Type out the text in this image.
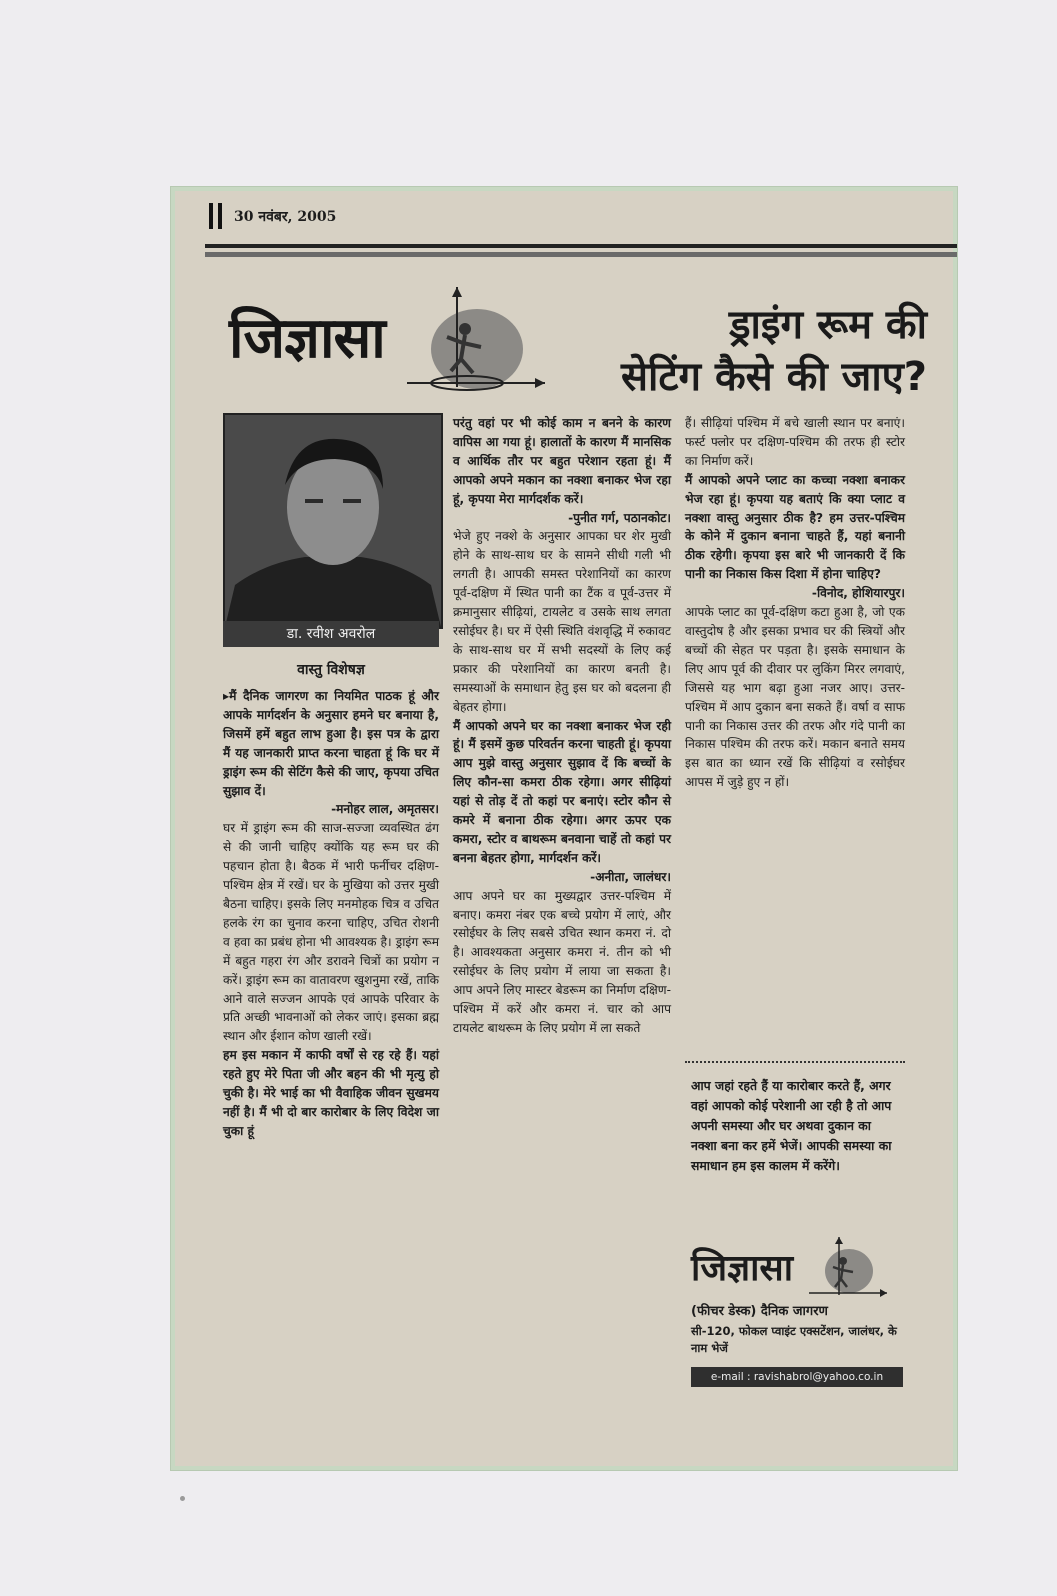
30 नवंबर, 2005
जिज्ञासा	ड्राइंग रूम की
सेटिंग कैसे की जाए?
डा. रवीश अवरोल
वास्तु विशेषज्ञ

▸मैं दैनिक जागरण का नियमित पाठक हूं और आपके मार्गदर्शन के अनुसार हमने घर बनाया है, जिसमें हमें बहुत लाभ हुआ है। इस पत्र के द्वारा मैं यह जानकारी प्राप्त करना चाहता हूं कि घर में ड्राइंग रूम की सेटिंग कैसे की जाए, कृपया उचित सुझाव दें।

-मनोहर लाल, अमृतसर।

घर में ड्राइंग रूम की साज-सज्जा व्यवस्थित ढंग से की जानी चाहिए क्योंकि यह रूम घर की पहचान होता है। बैठक में भारी फर्नीचर दक्षिण-पश्चिम क्षेत्र में रखें। घर के मुखिया को उत्तर मुखी बैठना चाहिए। इसके लिए मनमोहक चित्र व उचित हलके रंग का चुनाव करना चाहिए, उचित रोशनी व हवा का प्रबंध होना भी आवश्यक है। ड्राइंग रूम में बहुत गहरा रंग और डरावने चित्रों का प्रयोग न करें। ड्राइंग रूम का वातावरण खुशनुमा रखें, ताकि आने वाले सज्जन आपके एवं आपके परिवार के प्रति अच्छी भावनाओं को लेकर जाएं। इसका ब्रह्म स्थान और ईशान कोण खाली रखें।

हम इस मकान में काफी वर्षों से रह रहे हैं। यहां रहते हुए मेरे पिता जी और बहन की भी मृत्यु हो चुकी है। मेरे भाई का भी वैवाहिक जीवन सुखमय नहीं है। मैं भी दो बार कारोबार के लिए विदेश जा चुका हूं

परंतु वहां पर भी कोई काम न बनने के कारण वापिस आ गया हूं। हालातों के कारण मैं मानसिक व आर्थिक तौर पर बहुत परेशान रहता हूं। मैं आपको अपने मकान का नक्शा बनाकर भेज रहा हूं, कृपया मेरा मार्गदर्शक करें।

-पुनीत गर्ग, पठानकोट।

भेजे हुए नक्शे के अनुसार आपका घर शेर मुखी होने के साथ-साथ घर के सामने सीधी गली भी लगती है। आपकी समस्त परेशानियों का कारण पूर्व-दक्षिण में स्थित पानी का टैंक व पूर्व-उत्तर में क्रमानुसार सीढ़ियां, टायलेट व उसके साथ लगता रसोईघर है। घर में ऐसी स्थिति वंशवृद्धि में रुकावट के साथ-साथ घर में सभी सदस्यों के लिए कई प्रकार की परेशानियों का कारण बनती है। समस्याओं के समाधान हेतु इस घर को बदलना ही बेहतर होगा।

मैं आपको अपने घर का नक्शा बनाकर भेज रही हूं। मैं इसमें कुछ परिवर्तन करना चाहती हूं। कृपया आप मुझे वास्तु अनुसार सुझाव दें कि बच्चों के लिए कौन-सा कमरा ठीक रहेगा। अगर सीढ़ियां यहां से तोड़ दें तो कहां पर बनाएं। स्टोर कौन से कमरे में बनाना ठीक रहेगा। अगर ऊपर एक कमरा, स्टोर व बाथरूम बनवाना चाहें तो कहां पर बनना बेहतर होगा, मार्गदर्शन करें।

-अनीता, जालंधर।

आप अपने घर का मुख्यद्वार उत्तर-पश्चिम में बनाए। कमरा नंबर एक बच्चे प्रयोग में लाएं, और रसोईघर के लिए सबसे उचित स्थान कमरा नं. दो है। आवश्यकता अनुसार कमरा नं. तीन को भी रसोईघर के लिए प्रयोग में लाया जा सकता है। आप अपने लिए मास्टर बेडरूम का निर्माण दक्षिण-पश्चिम में करें और कमरा नं. चार को आप टायलेट बाथरूम के लिए प्रयोग में ला सकते

हैं। सीढ़ियां पश्चिम में बचे खाली स्थान पर बनाएं। फर्स्ट फ्लोर पर दक्षिण-पश्चिम की तरफ ही स्टोर का निर्माण करें।

मैं आपको अपने प्लाट का कच्चा नक्शा बनाकर भेज रहा हूं। कृपया यह बताएं कि क्या प्लाट व नक्शा वास्तु अनुसार ठीक है? हम उत्तर-पश्चिम के कोने में दुकान बनाना चाहते हैं, यहां बनानी ठीक रहेगी। कृपया इस बारे भी जानकारी दें कि पानी का निकास किस दिशा में होना चाहिए?

-विनोद, होशियारपुर।

आपके प्लाट का पूर्व-दक्षिण कटा हुआ है, जो एक वास्तुदोष है और इसका प्रभाव घर की स्त्रियों और बच्चों की सेहत पर पड़ता है। इसके समाधान के लिए आप पूर्व की दीवार पर लुकिंग मिरर लगवाएं, जिससे यह भाग बढ़ा हुआ नजर आए। उत्तर-पश्चिम में आप दुकान बना सकते हैं। वर्षा व साफ पानी का निकास उत्तर की तरफ और गंदे पानी का निकास पश्चिम की तरफ करें। मकान बनाते समय इस बात का ध्यान रखें कि सीढ़ियां व रसोईघर आपस में जुड़े हुए न हों।

आप जहां रहते हैं या कारोबार करते हैं, अगर वहां आपको कोई परेशानी आ रही है तो आप अपनी समस्या और घर अथवा दुकान का नक्शा बना कर हमें भेजें। आपकी समस्या का समाधान हम इस कालम में करेंगे।
जिज्ञासा
(फीचर डेस्क) दैनिक जागरण
सी-120, फोकल प्वाइंट एक्सटेंशन, जालंधर, के नाम भेजें
e-mail : ravishabrol@yahoo.co.in
